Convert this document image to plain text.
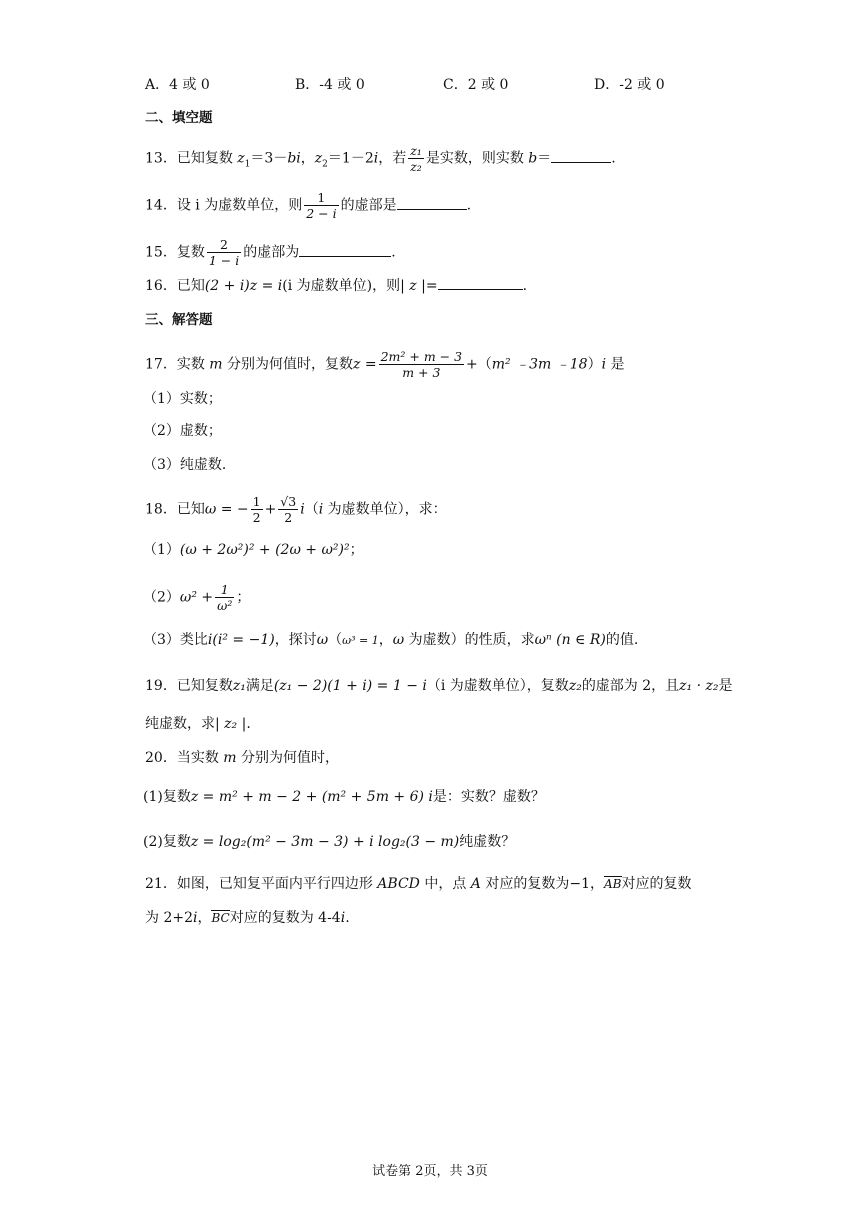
A．4 或 0	B．-4 或 0	C．2 或 0	D．-2 或 0
二、填空题
13．已知复数 $z_1=3-bi$，$z_2=1-2i$，若 $\frac{\text{z₁}}{\text{z₂}}$ 是实数，则实数 b＝	.
14．设 i 为虚数单位，则 $\frac{1}{2 - i}$ 的虚部是	.
15．复数 $\frac{2}{1 - i}$ 的虚部为	.
16．已知(2 + i)z = i(i 为虚数单位)，则| z |=	.
三、解答题
17．实数 m 分别为何值时，复数$z = \frac{\text{2m² + m − 3}}{m + 3} +(m^2$ ﹣3m ﹣18）i 是
（1）实数；
（2）虚数；
（3）纯虚数．
18．已知ω = − $\frac{1}{2} + \frac{√3}{2} i(i$ 为虚数单位），求：
（1）(ω + 2ω²)² + (2ω + ω²)²；
$(2)\omega^2 + \frac{1}{\text{ω²}}$ ；
（3）类比i(i² = −1)，探讨ω（ω³ = 1，ω 为虚数）的性质，求ωⁿ (n ∈ R)的值.
19．已知复数z₁满足(z₁ − 2)(1 + i) = 1 − i（i 为虚数单位），复数z₂的虚部为 2，且z₁ · z₂是
纯虚数，求| z₂ |.
20．当实数 m 分别为何值时，
(1)复数z = m² + m − 2 + (m² + 5m + 6) i是：实数？虚数？
(2)复数z = log₂(m² − 3m − 3) + i log₂(3 − m)纯虚数？
21．如图，已知复平面内平行四边形 ABCD 中，点 A 对应的复数为−1，AB对应的复数
为 2+2i，BC对应的复数为 4-4i.
试卷第 2页，共 3页
